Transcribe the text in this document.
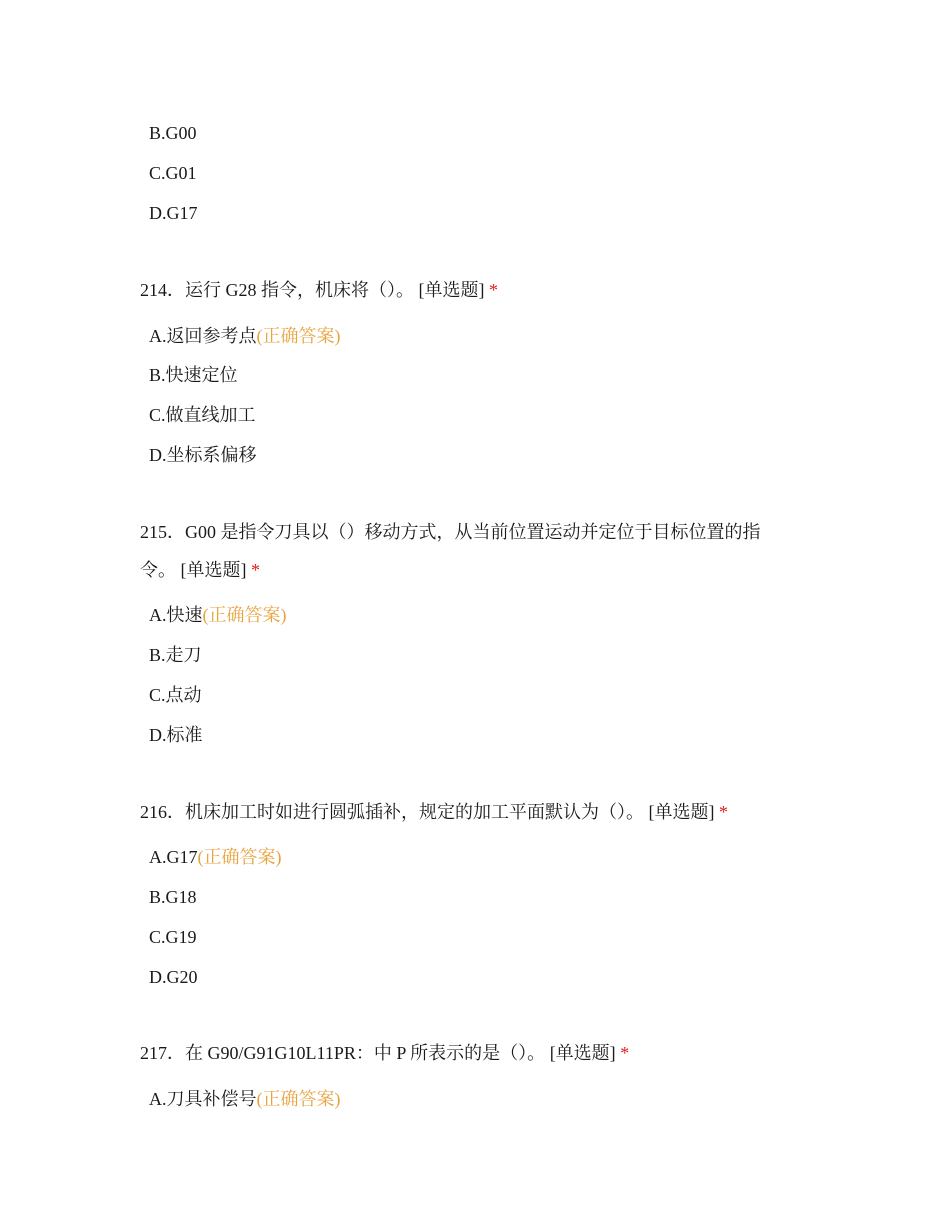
B.G00
C.G01
D.G17
214．运行 G28 指令，机床将（）。 [单选题] *
A.返回参考点(正确答案)
B.快速定位
C.做直线加工
D.坐标系偏移
215．G00 是指令刀具以（）移动方式，从当前位置运动并定位于目标位置的指
令。 [单选题] *
A.快速(正确答案)
B.走刀
C.点动
D.标准
216．机床加工时如进行圆弧插补，规定的加工平面默认为（）。 [单选题] *
A.G17(正确答案)
B.G18
C.G19
D.G20
217．在 G90/G91G10L11PR：中 P 所表示的是（）。 [单选题] *
A.刀具补偿号(正确答案)
